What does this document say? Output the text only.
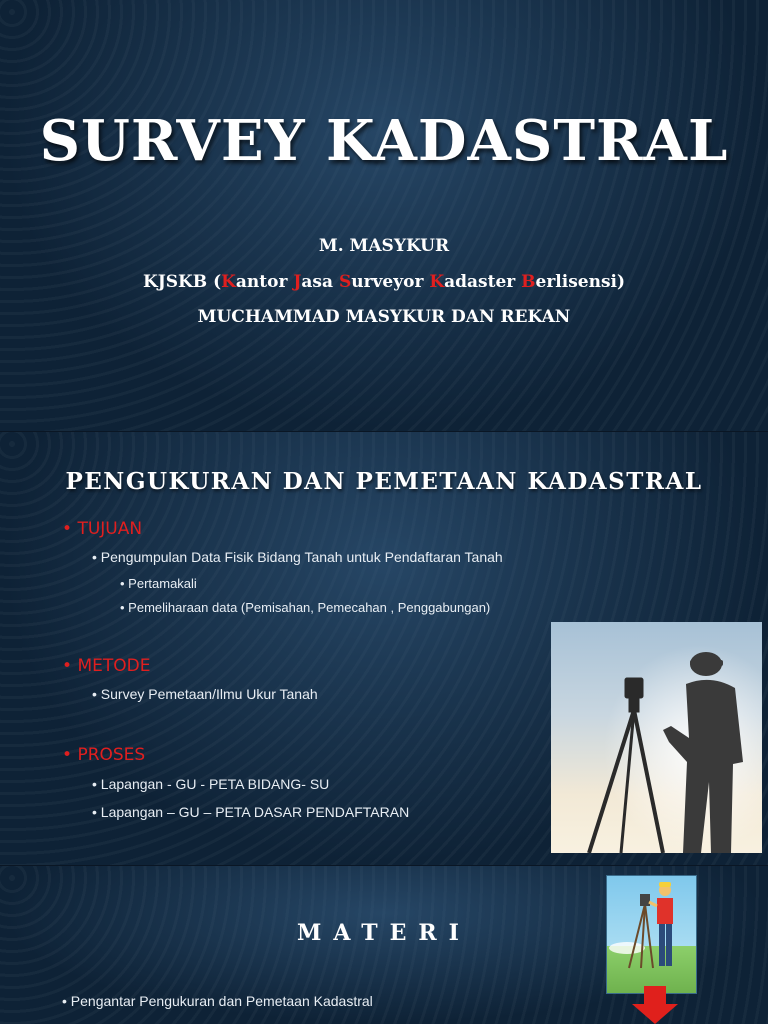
SURVEY KADASTRAL
M. MASYKUR
KJSKB (Kantor Jasa Surveyor Kadaster Berlisensi)
MUCHAMMAD MASYKUR DAN REKAN
PENGUKURAN DAN PEMETAAN KADASTRAL
• TUJUAN
• Pengumpulan Data Fisik Bidang Tanah untuk Pendaftaran Tanah
• Pertamakali
• Pemeliharaan data (Pemisahan, Pemecahan , Penggabungan)
• METODE
• Survey Pemetaan/Ilmu Ukur Tanah
• PROSES
• Lapangan - GU - PETA BIDANG- SU
• Lapangan – GU – PETA DASAR PENDAFTARAN
MATERI
• Pengantar Pengukuran dan Pemetaan Kadastral
